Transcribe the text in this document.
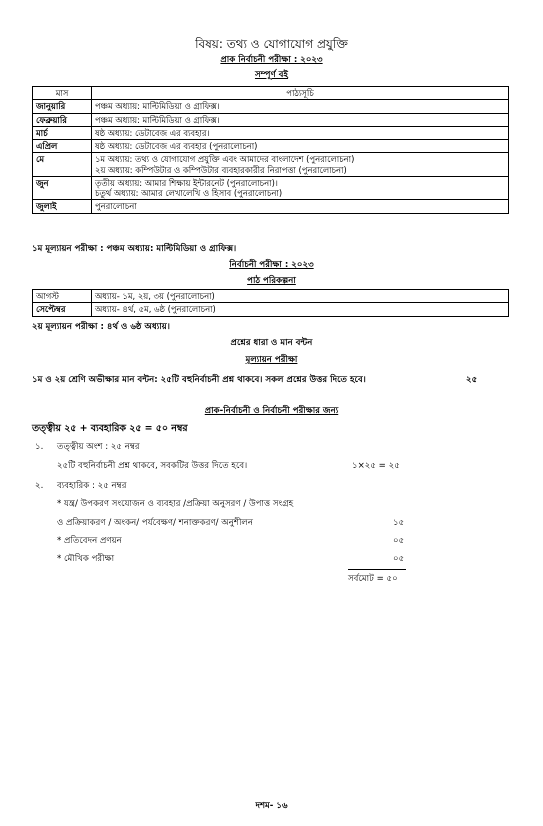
বিষয়: তথ্য ও যোগাযোগ প্রযুক্তি
প্রাক নির্বাচনী পরীক্ষা : ২০২৩
সম্পূর্ণ বই
মাস	পাঠ্যসূচি
জানুয়ারি	পঞ্চম অধ্যায়: মাল্টিমিডিয়া ও গ্রাফিক্স।

ফেব্রুয়ারি	পঞ্চম অধ্যায়: মাল্টিমিডিয়া ও গ্রাফিক্স।

মার্চ	ষষ্ঠ অধ্যায়: ডেটাবেজ এর ব্যবহার।

এপ্রিল	ষষ্ঠ অধ্যায়: ডেটাবেজ এর ব্যবহার (পুনরালোচনা)

মে	১ম অধ্যায়: তথ্য ও যোগাযোগ প্রযুক্তি এবং আমাদের বাংলাদেশ (পুনরালোচনা)
২য় অধ্যায়: কম্পিউটার ও কম্পিউটার ব্যবহারকারীর নিরাপত্তা (পুনরালোচনা)

জুন	তৃতীয় অধ্যায়: আমার শিক্ষায় ইন্টারনেট (পুনরালোচনা)।
চতুর্থ অধ্যায়: আমার লেখালেখি ও হিসাব (পুনরালোচনা)

জুলাই	পুনরালোচনা
১ম মূল্যায়ন পরীক্ষা : পঞ্চম অধ্যায়: মাল্টিমিডিয়া ও গ্রাফিক্স।
নির্বাচনী পরীক্ষা : ২০২৩
পাঠ পরিকল্পনা
আগস্ট	অধ্যায়- ১ম, ২য়, ৩য় (পুনরালোচনা)
সেপ্টেম্বর	অধ্যায়- ৪র্থ, ৫ম, ৬ষ্ঠ (পুনরালোচনা)
২য় মূল্যায়ন পরীক্ষা : ৪র্থ ও ৬ষ্ঠ অধ্যায়।
প্রশ্নের ধারা ও মান বন্টন
মূল্যায়ন পরীক্ষা
১ম ও ২য় শ্রেণি অভীক্ষার মান বন্টন: ২৫টি বহুনির্বাচনী প্রশ্ন থাকবে। সকল প্রশ্নের উত্তর দিতে হবে।	২৫
প্রাক-নির্বাচনী ও নির্বাচনী পরীক্ষার জন্য
তত্ত্বীয় ২৫ + ব্যবহারিক ২৫ = ৫০ নম্বর
১. তত্ত্বীয় অংশ : ২৫ নম্বর
২৫টি বহুনির্বাচনী প্রশ্ন থাকবে, সবকটির উত্তর দিতে হবে।	১×২৫ = ২৫
২. ব্যবহারিক : ২৫ নম্বর
* যন্ত্র/ উপকরণ সংযোজন ও ব্যবহার /প্রক্রিয়া অনুসরণ / উপাত্ত সংগ্রহ
ও প্রক্রিয়াকরণ / অংকন/ পর্যবেক্ষণ/ শনাক্তকরণ/ অনুশীলন	১৫
* প্রতিবেদন প্রণয়ন	০৫
* মৌখিক পরীক্ষা	০৫
সর্বমোট = ৫০
দশম- ১৬
